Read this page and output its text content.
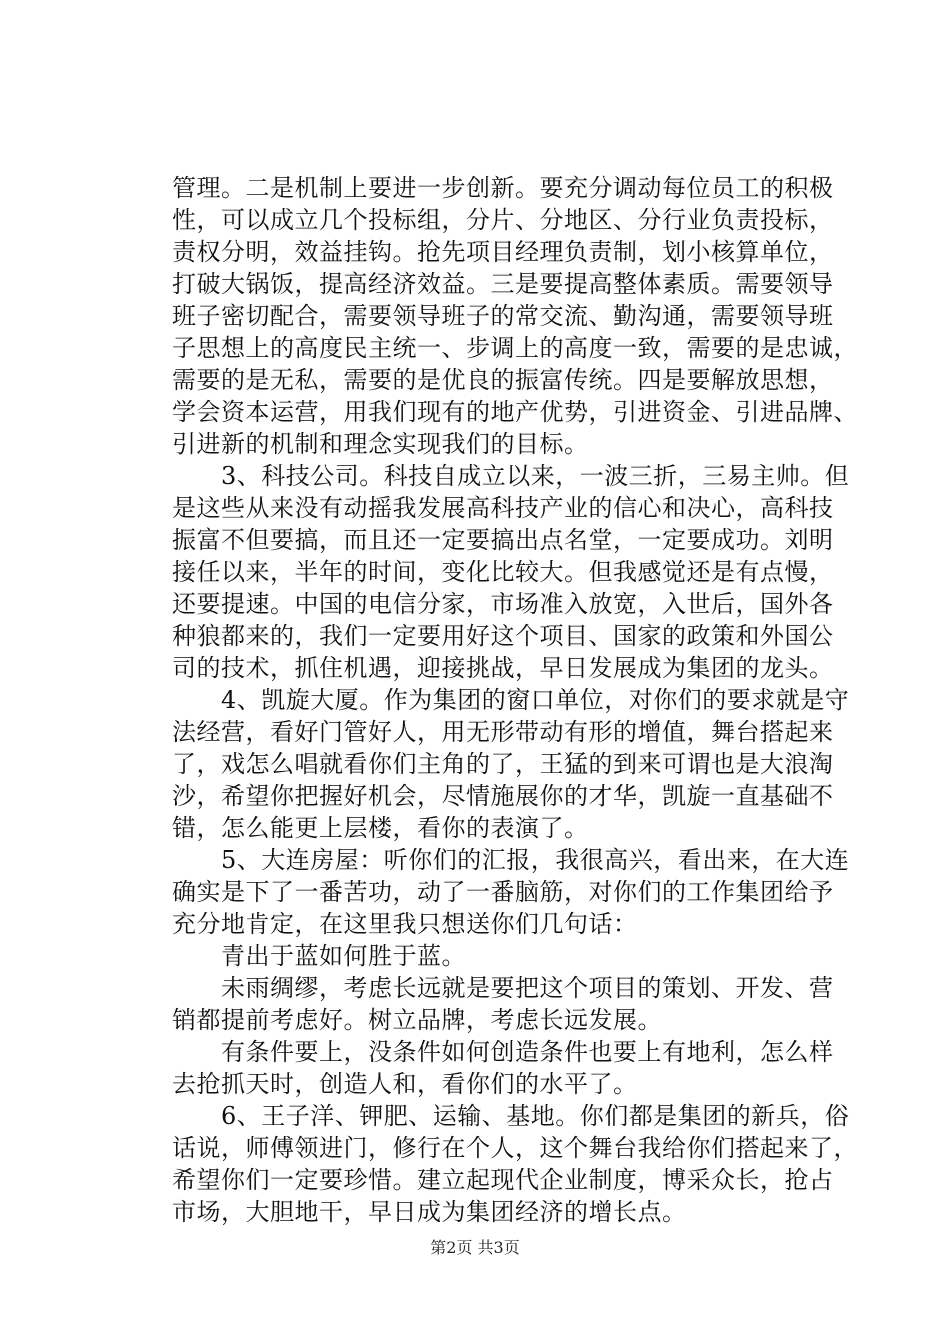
管理。二是机制上要进一步创新。要充分调动每位员工的积极
性，可以成立几个投标组，分片、分地区、分行业负责投标，
责权分明，效益挂钩。抢先项目经理负责制，划小核算单位，
打破大锅饭，提高经济效益。三是要提高整体素质。需要领导
班子密切配合，需要领导班子的常交流、勤沟通，需要领导班
子思想上的高度民主统一、步调上的高度一致，需要的是忠诚，
需要的是无私，需要的是优良的振富传统。四是要解放思想，
学会资本运营，用我们现有的地产优势，引进资金、引进品牌、
引进新的机制和理念实现我们的目标。
　　3、科技公司。科技自成立以来，一波三折，三易主帅。但
是这些从来没有动摇我发展高科技产业的信心和决心，高科技
振富不但要搞，而且还一定要搞出点名堂，一定要成功。刘明
接任以来，半年的时间，变化比较大。但我感觉还是有点慢，
还要提速。中国的电信分家，市场准入放宽，入世后，国外各
种狼都来的，我们一定要用好这个项目、国家的政策和外国公
司的技术，抓住机遇，迎接挑战，早日发展成为集团的龙头。
　　4、凯旋大厦。作为集团的窗口单位，对你们的要求就是守
法经营，看好门管好人，用无形带动有形的增值，舞台搭起来
了，戏怎么唱就看你们主角的了，王猛的到来可谓也是大浪淘
沙，希望你把握好机会，尽情施展你的才华，凯旋一直基础不
错，怎么能更上层楼，看你的表演了。
　　5、大连房屋：听你们的汇报，我很高兴，看出来，在大连
确实是下了一番苦功，动了一番脑筋，对你们的工作集团给予
充分地肯定，在这里我只想送你们几句话：
　　青出于蓝如何胜于蓝。
　　未雨绸缪，考虑长远就是要把这个项目的策划、开发、营
销都提前考虑好。树立品牌，考虑长远发展。
　　有条件要上，没条件如何创造条件也要上有地利，怎么样
去抢抓天时，创造人和，看你们的水平了。
　　6、王子洋、钾肥、运输、基地。你们都是集团的新兵，俗
话说，师傅领进门，修行在个人，这个舞台我给你们搭起来了，
希望你们一定要珍惜。建立起现代企业制度，博采众长，抢占
市场，大胆地干，早日成为集团经济的增长点。
第2页 共3页
